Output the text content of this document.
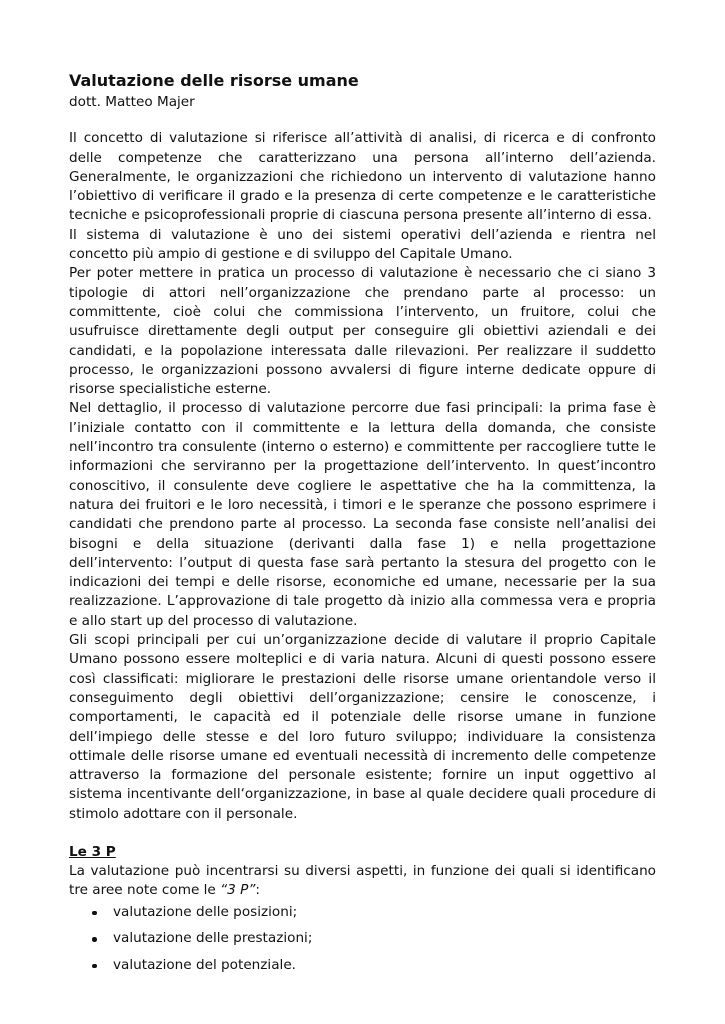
Valutazione delle risorse umane
dott. Matteo Majer

Il concetto di valutazione si riferisce all’attività di analisi, di ricerca e di confronto delle competenze che caratterizzano una persona all’interno dell’azienda. Generalmente, le organizzazioni che richiedono un intervento di valutazione hanno l’obiettivo di verificare il grado e la presenza di certe competenze e le caratteristiche tecniche e psicoprofessionali proprie di ciascuna persona presente all’interno di essa.

Il sistema di valutazione è uno dei sistemi operativi dell’azienda e rientra nel concetto più ampio di gestione e di sviluppo del Capitale Umano.

Per poter mettere in pratica un processo di valutazione è necessario che ci siano 3 tipologie di attori nell’organizzazione che prendano parte al processo: un committente, cioè colui che commissiona l’intervento, un fruitore, colui che usufruisce direttamente degli output per conseguire gli obiettivi aziendali e dei candidati, e la popolazione interessata dalle rilevazioni. Per realizzare il suddetto processo, le organizzazioni possono avvalersi di figure interne dedicate oppure di risorse specialistiche esterne.

Nel dettaglio, il processo di valutazione percorre due fasi principali: la prima fase è l’iniziale contatto con il committente e la lettura della domanda, che consiste nell’incontro tra consulente (interno o esterno) e committente per raccogliere tutte le informazioni che serviranno per la progettazione dell’intervento. In quest’incontro conoscitivo, il consulente deve cogliere le aspettative che ha la committenza, la natura dei fruitori e le loro necessità, i timori e le speranze che possono esprimere i candidati che prendono parte al processo. La seconda fase consiste nell’analisi dei bisogni e della situazione (derivanti dalla fase 1) e nella progettazione dell’intervento: l’output di questa fase sarà pertanto la stesura del progetto con le indicazioni dei tempi e delle risorse, economiche ed umane, necessarie per la sua realizzazione. L’approvazione di tale progetto dà inizio alla commessa vera e propria e allo start up del processo di valutazione.

Gli scopi principali per cui un’organizzazione decide di valutare il proprio Capitale Umano possono essere molteplici e di varia natura. Alcuni di questi possono essere così classificati: migliorare le prestazioni delle risorse umane orientandole verso il conseguimento degli obiettivi dell’organizzazione; censire le conoscenze, i comportamenti, le capacità ed il potenziale delle risorse umane in funzione dell’impiego delle stesse e del loro futuro sviluppo; individuare la consistenza ottimale delle risorse umane ed eventuali necessità di incremento delle competenze attraverso la formazione del personale esistente; fornire un input oggettivo al sistema incentivante dell‘organizzazione, in base al quale decidere quali procedure di stimolo adottare con il personale.

Le 3 P

La valutazione può incentrarsi su diversi aspetti, in funzione dei quali si identificano tre aree note come le “3 P”:

valutazione delle posizioni;
valutazione delle prestazioni;
valutazione del potenziale.
